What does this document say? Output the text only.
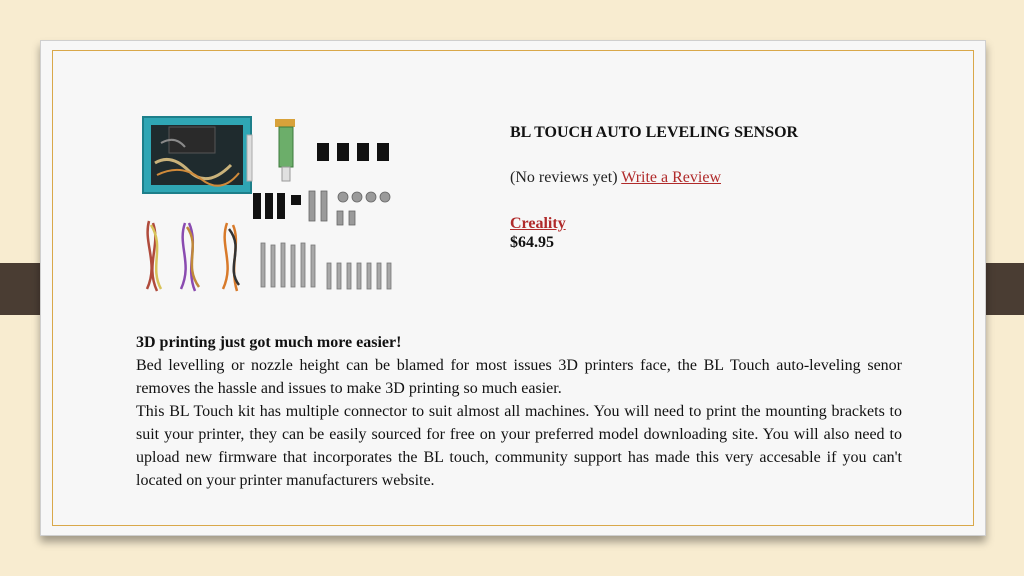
BL TOUCH AUTO LEVELING SENSOR
(No reviews yet) Write a Review
Creality
$64.95
3D printing just got much more easier!

Bed levelling or nozzle height can be blamed for most issues 3D printers face, the BL Touch auto-leveling senor removes the hassle and issues to make 3D printing so much easier.

This BL Touch kit has multiple connector to suit almost all machines. You will need to print the mounting brackets to suit your printer, they can be easily sourced for free on your preferred model downloading site. You will also need to upload new firmware that incorporates the BL touch, community support has made this very accesable if you can't located on your printer manufacturers website.
